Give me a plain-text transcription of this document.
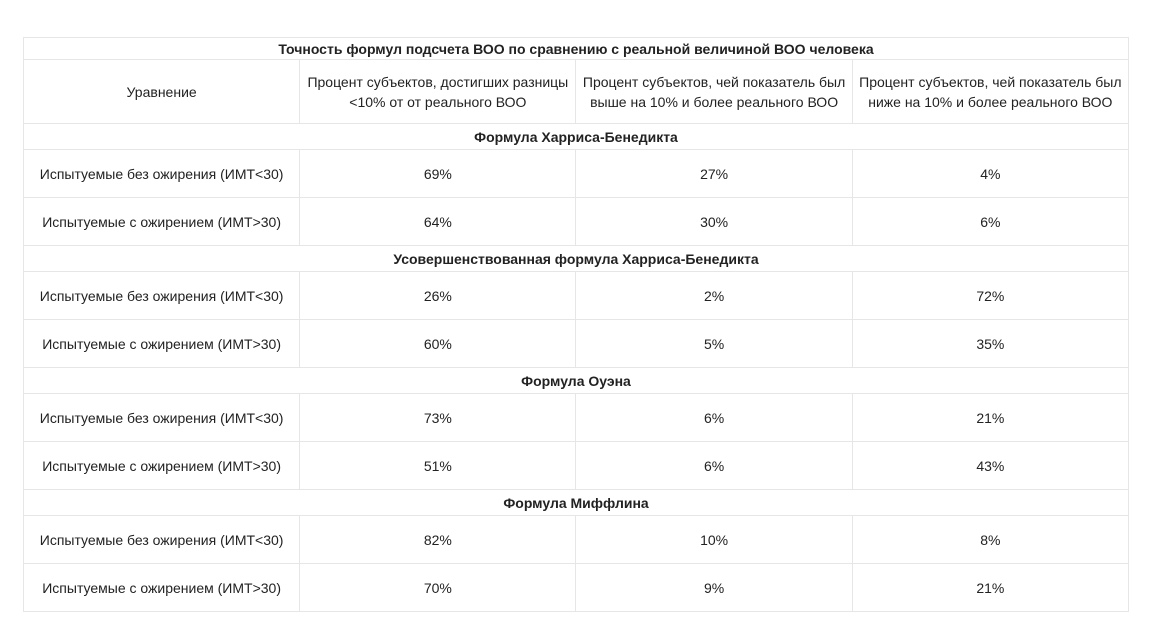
Точность формул подсчета ВОО по сравнению с реальной величиной ВОО человека			
Уравнение	Процент субъектов, достигших разницы <10% от от реального ВОО	Процент субъектов, чей показатель был выше на 10% и более реального ВОО	Процент субъектов, чей показатель был ниже на 10% и более реального ВОО
Формула Харриса-Бенедикта			
Испытуемые без ожирения (ИМТ<30)	69%	27%	4%
Испытуемые с ожирением (ИМТ>30)	64%	30%	6%
Усовершенствованная формула Харриса-Бенедикта			
Испытуемые без ожирения (ИМТ<30)	26%	2%	72%
Испытуемые с ожирением (ИМТ>30)	60%	5%	35%
Формула Оуэна			
Испытуемые без ожирения (ИМТ<30)	73%	6%	21%
Испытуемые с ожирением (ИМТ>30)	51%	6%	43%
Формула Миффлина			
Испытуемые без ожирения (ИМТ<30)	82%	10%	8%
Испытуемые с ожирением (ИМТ>30)	70%	9%	21%
